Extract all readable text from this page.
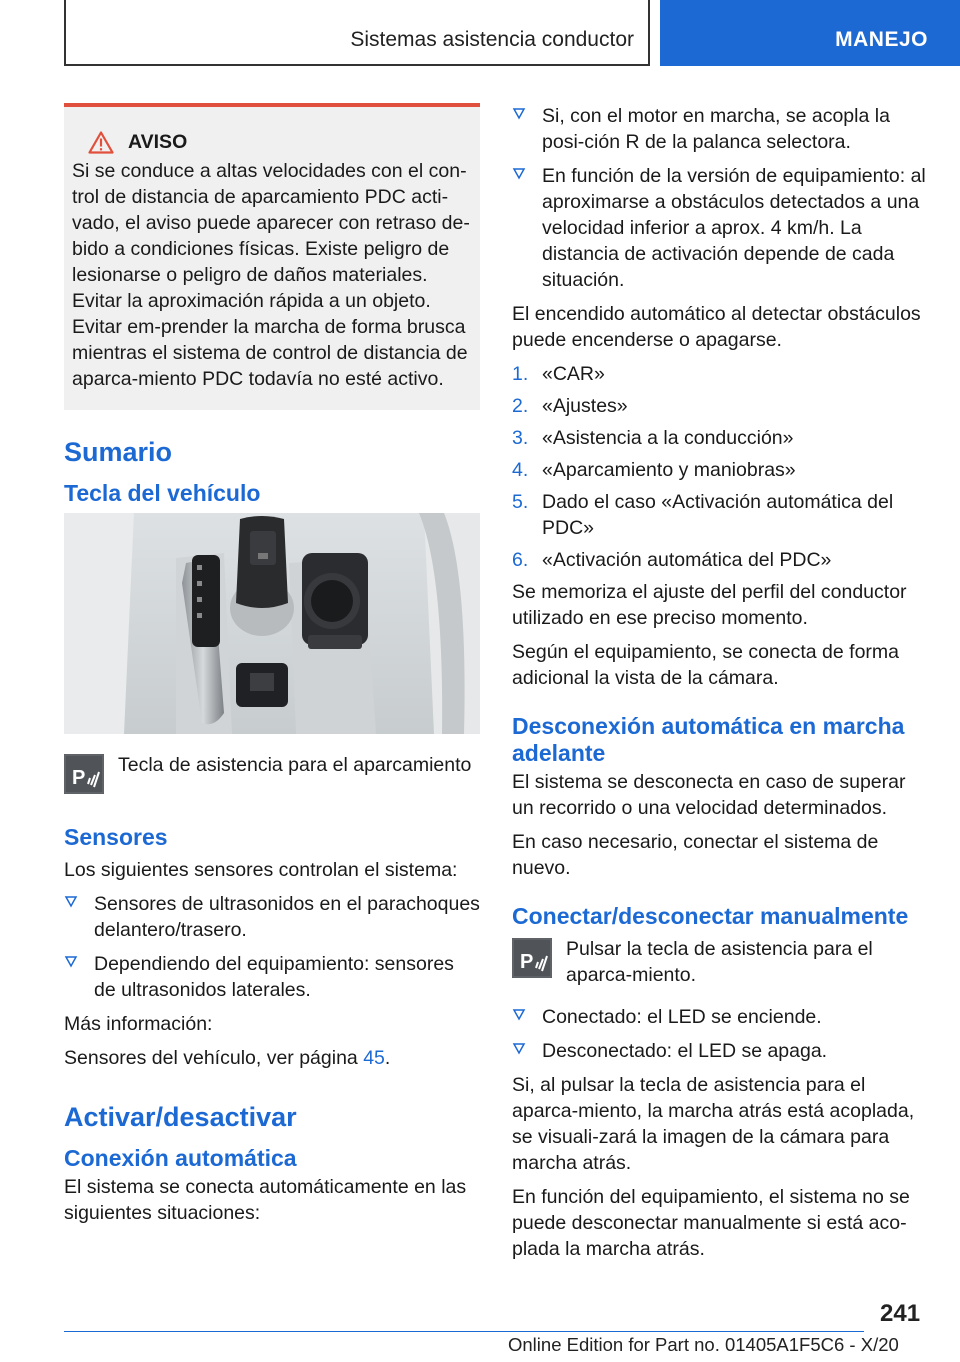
Sistemas asistencia conductor	MANEJO
AVISO
Si se conduce a altas velocidades con el con-trol de distancia de aparcamiento PDC acti-vado, el aviso puede aparecer con retraso de-bido a condiciones físicas. Existe peligro de lesionarse o peligro de daños materiales. Evitar la aproximación rápida a un objeto. Evitar em-prender la marcha de forma brusca mientras el sistema de control de distancia de aparca-miento PDC todavía no esté activo.
Sumario
Tecla del vehículo
P
Tecla de asistencia para el aparcamiento
Sensores

Los siguientes sensores controlan el sistema:

Sensores de ultrasonidos en el parachoques delantero/trasero.
Dependiendo del equipamiento: sensores de ultrasonidos laterales.

Más información:

Sensores del vehículo, ver página 45.

Activar/desactivar
Conexión automática

El sistema se conecta automáticamente en las siguientes situaciones:

Si, con el motor en marcha, se acopla la posi-ción R de la palanca selectora.
En función de la versión de equipamiento: al aproximarse a obstáculos detectados a una velocidad inferior a aprox. 4 km/h. La distancia de activación depende de cada situación.

El encendido automático al detectar obstáculos puede encenderse o apagarse.

1. «CAR»
2. «Ajustes»
3. «Asistencia a la conducción»
4. «Aparcamiento y maniobras»
5. Dado el caso «Activación automática del PDC»
6. «Activación automática del PDC»

Se memoriza el ajuste del perfil del conductor utilizado en ese preciso momento.

Según el equipamiento, se conecta de forma adicional la vista de la cámara.

Desconexión automática en marcha adelante

El sistema se desconecta en caso de superar un recorrido o una velocidad determinados.

En caso necesario, conectar el sistema de nuevo.

Conectar/desconectar manualmente
P
Pulsar la tecla de asistencia para el aparca-miento.
Conectado: el LED se enciende.
Desconectado: el LED se apaga.

Si, al pulsar la tecla de asistencia para el aparca-miento, la marcha atrás está acoplada, se visuali-zará la imagen de la cámara para marcha atrás.

En función del equipamiento, el sistema no se puede desconectar manualmente si está aco-plada la marcha atrás.

241
Online Edition for Part no. 01405A1F5C6 - X/20
